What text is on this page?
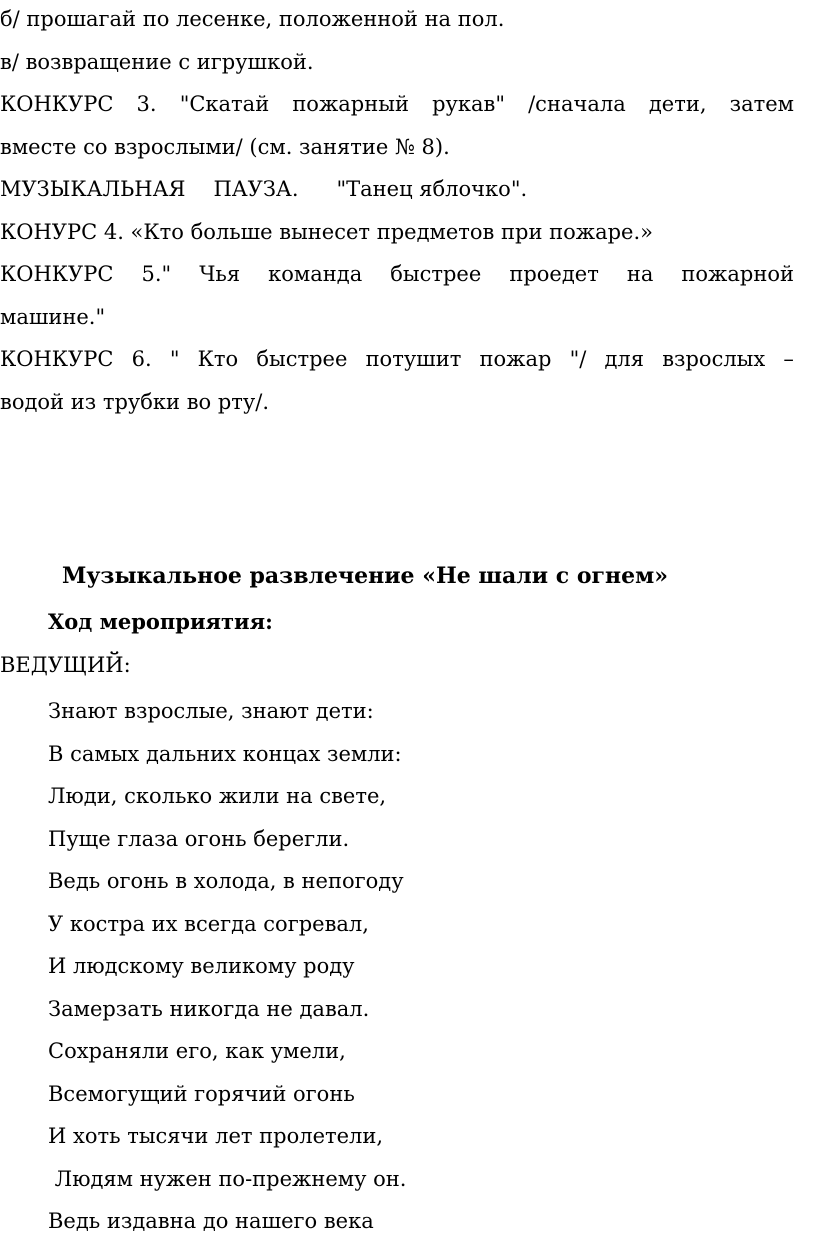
б/ прошагай по лесенке, положенной на пол.
в/ возвращение с игрушкой.
КОНКУРС 3. "Скатай пожарный рукав" /сначала дети, затем
вместе со взрослыми/ (см. занятие № 8).
МУЗЫКАЛЬНАЯ ПАУЗА. "Танец яблочко".
КОНУРС 4. «Кто больше вынесет предметов при пожаре.»
КОНКУРС 5." Чья команда быстрее проедет на пожарной
машине."
КОНКУРС 6. " Кто быстрее потушит пожар "/ для взрослых –
водой из трубки во рту/.
Музыкальное развлечение «Не шали с огнем»
Ход мероприятия:
ВЕДУЩИЙ:
Знают взрослые, знают дети:
В самых дальних концах земли:
Люди, сколько жили на свете,
Пуще глаза огонь берегли.
Ведь огонь в холода, в непогоду
У костра их всегда согревал,
И людскому великому роду
Замерзать никогда не давал.
Сохраняли его, как умели,
Всемогущий горячий огонь
И хоть тысячи лет пролетели,
Людям нужен по-прежнему он.
Ведь издавна до нашего века
